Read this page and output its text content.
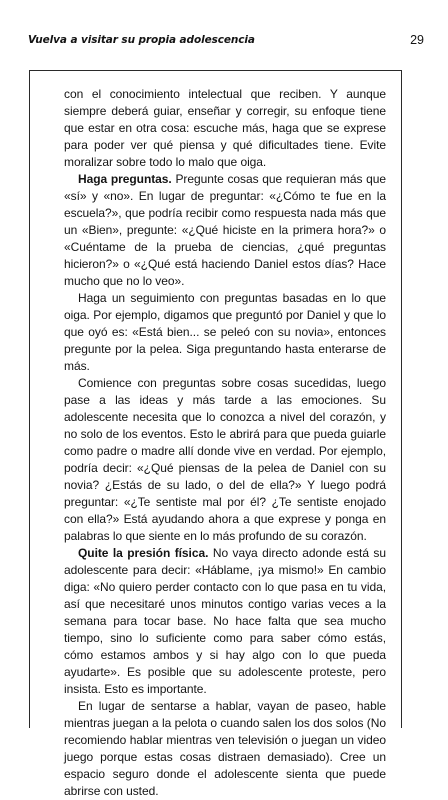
Vuelva a visitar su propia adolescencia	29

con el conocimiento intelectual que reciben. Y aunque siempre deberá guiar, enseñar y corregir, su enfoque tiene que estar en otra cosa: escuche más, haga que se exprese para poder ver qué piensa y qué dificultades tiene. Evite moralizar sobre todo lo malo que oiga.

Haga preguntas. Pregunte cosas que requieran más que «sí» y «no». En lugar de preguntar: «¿Cómo te fue en la escuela?», que podría recibir como respuesta nada más que un «Bien», pregunte: «¿Qué hiciste en la primera hora?» o «Cuéntame de la prueba de ciencias, ¿qué preguntas hicieron?» o «¿Qué está haciendo Daniel estos días? Hace mucho que no lo veo».

Haga un seguimiento con preguntas basadas en lo que oiga. Por ejemplo, digamos que preguntó por Daniel y que lo que oyó es: «Está bien... se peleó con su novia», entonces pregunte por la pelea. Siga preguntando hasta enterarse de más.

Comience con preguntas sobre cosas sucedidas, luego pase a las ideas y más tarde a las emociones. Su adolescente necesita que lo conozca a nivel del corazón, y no solo de los eventos. Esto le abrirá para que pueda guiarle como padre o madre allí donde vive en verdad. Por ejemplo, podría decir: «¿Qué piensas de la pelea de Daniel con su novia? ¿Estás de su lado, o del de ella?» Y luego podrá preguntar: «¿Te sentiste mal por él? ¿Te sentiste enojado con ella?» Está ayudando ahora a que exprese y ponga en palabras lo que siente en lo más profundo de su corazón.

Quite la presión física. No vaya directo adonde está su adolescente para decir: «Háblame, ¡ya mismo!» En cambio diga: «No quiero perder contacto con lo que pasa en tu vida, así que necesitaré unos minutos contigo varias veces a la semana para tocar base. No hace falta que sea mucho tiempo, sino lo suficiente como para saber cómo estás, cómo estamos ambos y si hay algo con lo que pueda ayudarte». Es posible que su adolescente proteste, pero insista. Esto es importante.

En lugar de sentarse a hablar, vayan de paseo, hable mientras juegan a la pelota o cuando salen los dos solos (No recomiendo hablar mientras ven televisión o juegan un video juego porque estas cosas distraen demasiado). Cree un espacio seguro donde el adolescente sienta que puede abrirse con usted.
